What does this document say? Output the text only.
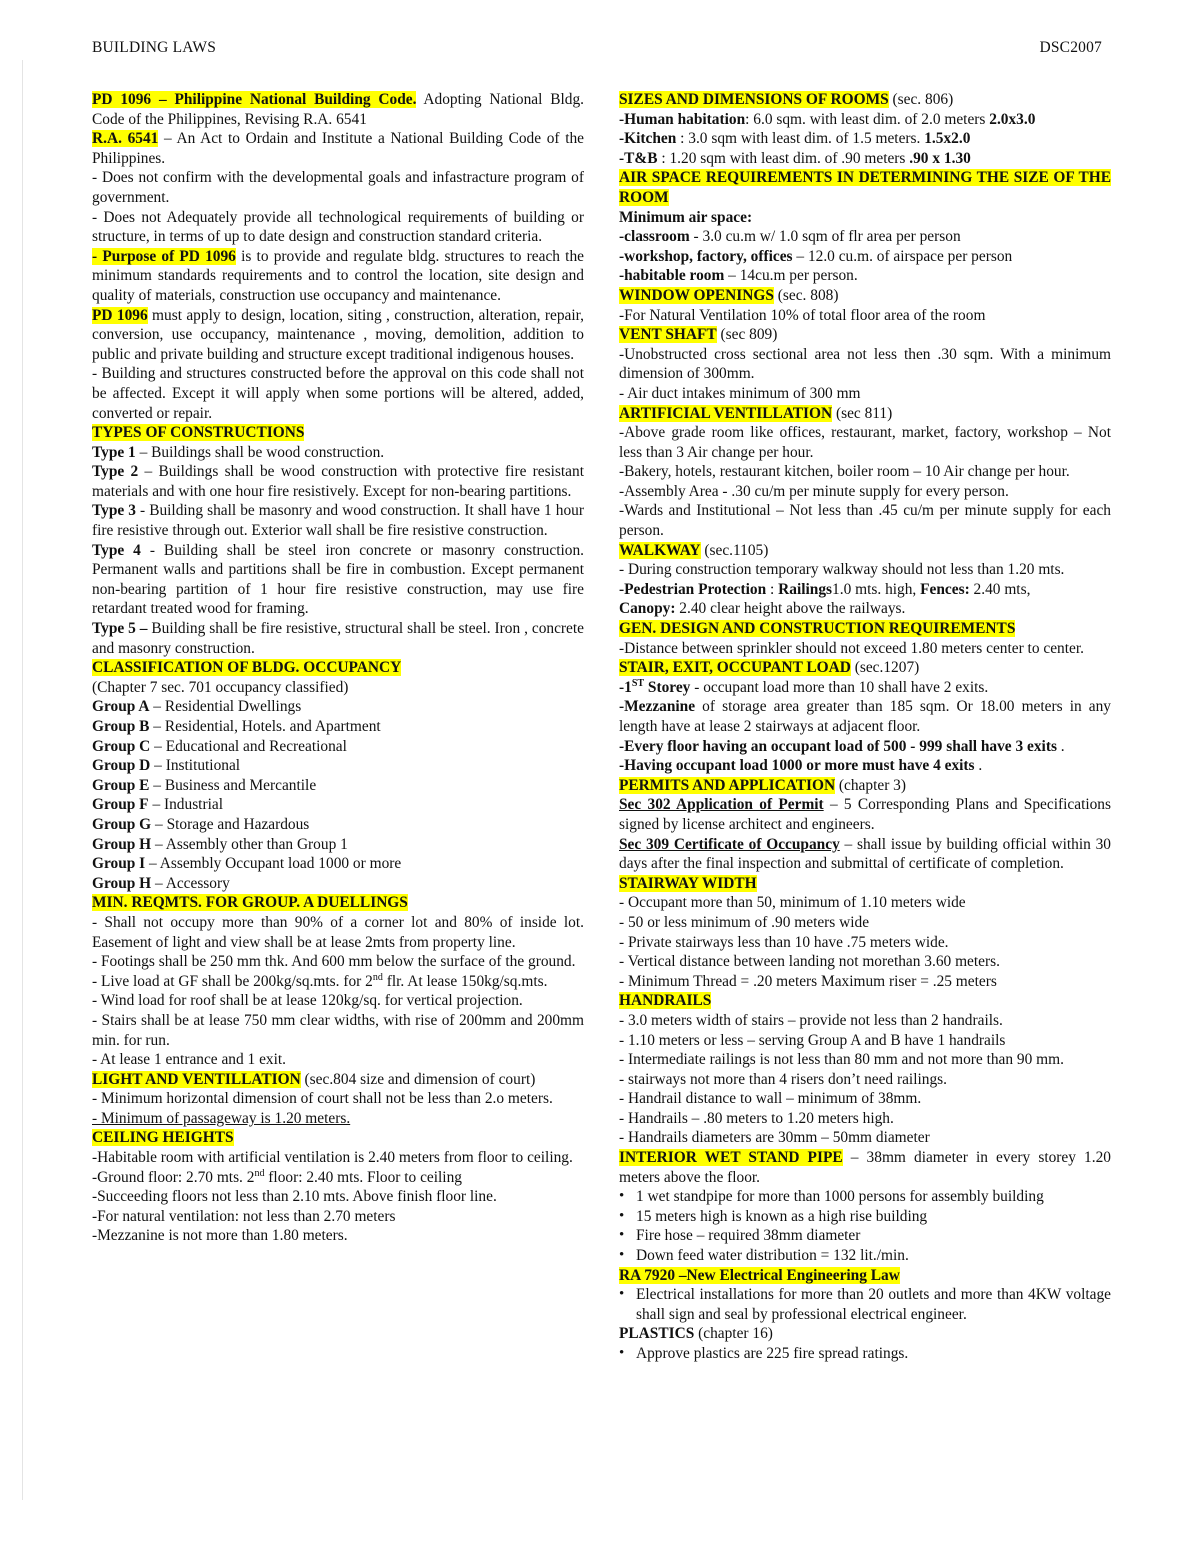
BUILDING LAWS	DSC2007

PD 1096 – Philippine National Building Code. Adopting National Bldg. Code of the Philippines, Revising R.A. 6541

R.A. 6541 – An Act to Ordain and Institute a National Building Code of the Philippines.

- Does not confirm with the developmental goals and infastracture program of government.

- Does not Adequately provide all technological requirements of building or structure, in terms of up to date design and construction standard criteria.

- Purpose of PD 1096 is to provide and regulate bldg. structures to reach the minimum standards requirements and to control the location, site design and quality of materials, construction use occupancy and maintenance.

PD 1096 must apply to design, location, siting , construction, alteration, repair, conversion, use occupancy, maintenance , moving, demolition, addition to public and private building and structure except traditional indigenous houses.

- Building and structures constructed before the approval on this code shall not be affected. Except it will apply when some portions will be altered, added, converted or repair.

TYPES OF CONSTRUCTIONS

Type 1 – Buildings shall be wood construction.

Type 2 – Buildings shall be wood construction with protective fire resistant materials and with one hour fire resistively. Except for non-bearing partitions.

Type 3 - Building shall be masonry and wood construction. It shall have 1 hour fire resistive through out. Exterior wall shall be fire resistive construction.

Type 4 - Building shall be steel iron concrete or masonry construction. Permanent walls and partitions shall be fire in combustion. Except permanent non-bearing partition of 1 hour fire resistive construction, may use fire retardant treated wood for framing.

Type 5 – Building shall be fire resistive, structural shall be steel. Iron , concrete and masonry construction.

CLASSIFICATION OF BLDG. OCCUPANCY

(Chapter 7 sec. 701 occupancy classified)

Group A – Residential Dwellings

Group B – Residential, Hotels. and Apartment

Group C – Educational and Recreational

Group D – Institutional

Group E – Business and Mercantile

Group F – Industrial

Group G – Storage and Hazardous

Group H – Assembly other than Group 1

Group I – Assembly Occupant load 1000 or more

Group H – Accessory

MIN. REQMTS. FOR GROUP. A DUELLINGS

- Shall not occupy more than 90% of a corner lot and 80% of inside lot. Easement of light and view shall be at lease 2mts from property line.

- Footings shall be 250 mm thk. And 600 mm below the surface of the ground.

- Live load at GF shall be 200kg/sq.mts. for 2nd flr. At lease 150kg/sq.mts.

- Wind load for roof shall be at lease 120kg/sq. for vertical projection.

- Stairs shall be at lease 750 mm clear widths, with rise of 200mm and 200mm min. for run.

- At lease 1 entrance and 1 exit.

LIGHT AND VENTILLATION (sec.804 size and dimension of court)

- Minimum horizontal dimension of court shall not be less than 2.o meters.

- Minimum of passageway is 1.20 meters.

CEILING HEIGHTS

-Habitable room with artificial ventilation is 2.40 meters from floor to ceiling.

-Ground floor: 2.70 mts. 2nd floor: 2.40 mts. Floor to ceiling

-Succeeding floors not less than 2.10 mts. Above finish floor line.

-For natural ventilation: not less than 2.70 meters

-Mezzanine is not more than 1.80 meters.

SIZES AND DIMENSIONS OF ROOMS (sec. 806)

-Human habitation: 6.0 sqm. with least dim. of 2.0 meters 2.0x3.0

-Kitchen : 3.0 sqm with least dim. of 1.5 meters. 1.5x2.0

-T&B : 1.20 sqm with least dim. of .90 meters .90 x 1.30

AIR SPACE REQUIREMENTS IN DETERMINING THE SIZE OF THE ROOM

Minimum air space:

-classroom - 3.0 cu.m w/ 1.0 sqm of flr area per person

-workshop, factory, offices – 12.0 cu.m. of airspace per person

-habitable room – 14cu.m per person.

WINDOW OPENINGS (sec. 808)

-For Natural Ventilation 10% of total floor area of the room

VENT SHAFT (sec 809)

-Unobstructed cross sectional area not less then .30 sqm. With a minimum dimension of 300mm.

- Air duct intakes minimum of 300 mm

ARTIFICIAL VENTILLATION (sec 811)

-Above grade room like offices, restaurant, market, factory, workshop – Not less than 3 Air change per hour.

-Bakery, hotels, restaurant kitchen, boiler room – 10 Air change per hour.

-Assembly Area - .30 cu/m per minute supply for every person.

-Wards and Institutional – Not less than .45 cu/m per minute supply for each person.

WALKWAY (sec.1105)

- During construction temporary walkway should not less than 1.20 mts.

-Pedestrian Protection : Railings1.0 mts. high, Fences: 2.40 mts,

Canopy: 2.40 clear height above the railways.

GEN. DESIGN AND CONSTRUCTION REQUIREMENTS

-Distance between sprinkler should not exceed 1.80 meters center to center.

STAIR, EXIT, OCCUPANT LOAD (sec.1207)

-1ST Storey - occupant load more than 10 shall have 2 exits.

-Mezzanine of storage area greater than 185 sqm. Or 18.00 meters in any length have at lease 2 stairways at adjacent floor.

-Every floor having an occupant load of 500 - 999 shall have 3 exits .

-Having occupant load 1000 or more must have 4 exits .

PERMITS AND APPLICATION (chapter 3)

Sec 302 Application of Permit – 5 Corresponding Plans and Specifications signed by license architect and engineers.

Sec 309 Certificate of Occupancy – shall issue by building official within 30 days after the final inspection and submittal of certificate of completion.

STAIRWAY WIDTH

- Occupant more than 50, minimum of 1.10 meters wide

- 50 or less minimum of .90 meters wide

- Private stairways less than 10 have .75 meters wide.

- Vertical distance between landing not morethan 3.60 meters.

- Minimum Thread = .20 meters Maximum riser = .25 meters

HANDRAILS

- 3.0 meters width of stairs – provide not less than 2 handrails.

- 1.10 meters or less – serving Group A and B have 1 handrails

- Intermediate railings is not less than 80 mm and not more than 90 mm.

- stairways not more than 4 risers don’t need railings.

- Handrail distance to wall – minimum of 38mm.

- Handrails – .80 meters to 1.20 meters high.

- Handrails diameters are 30mm – 50mm diameter

INTERIOR WET STAND PIPE – 38mm diameter in every storey 1.20 meters above the floor.

• 1 wet standpipe for more than 1000 persons for assembly building
• 15 meters high is known as a high rise building
• Fire hose – required 38mm diameter
• Down feed water distribution = 132 lit./min.

RA 7920 –New Electrical Engineering Law

• Electrical installations for more than 20 outlets and more than 4KW voltage shall sign and seal by professional electrical engineer.

PLASTICS (chapter 16)

• Approve plastics are 225 fire spread ratings.
